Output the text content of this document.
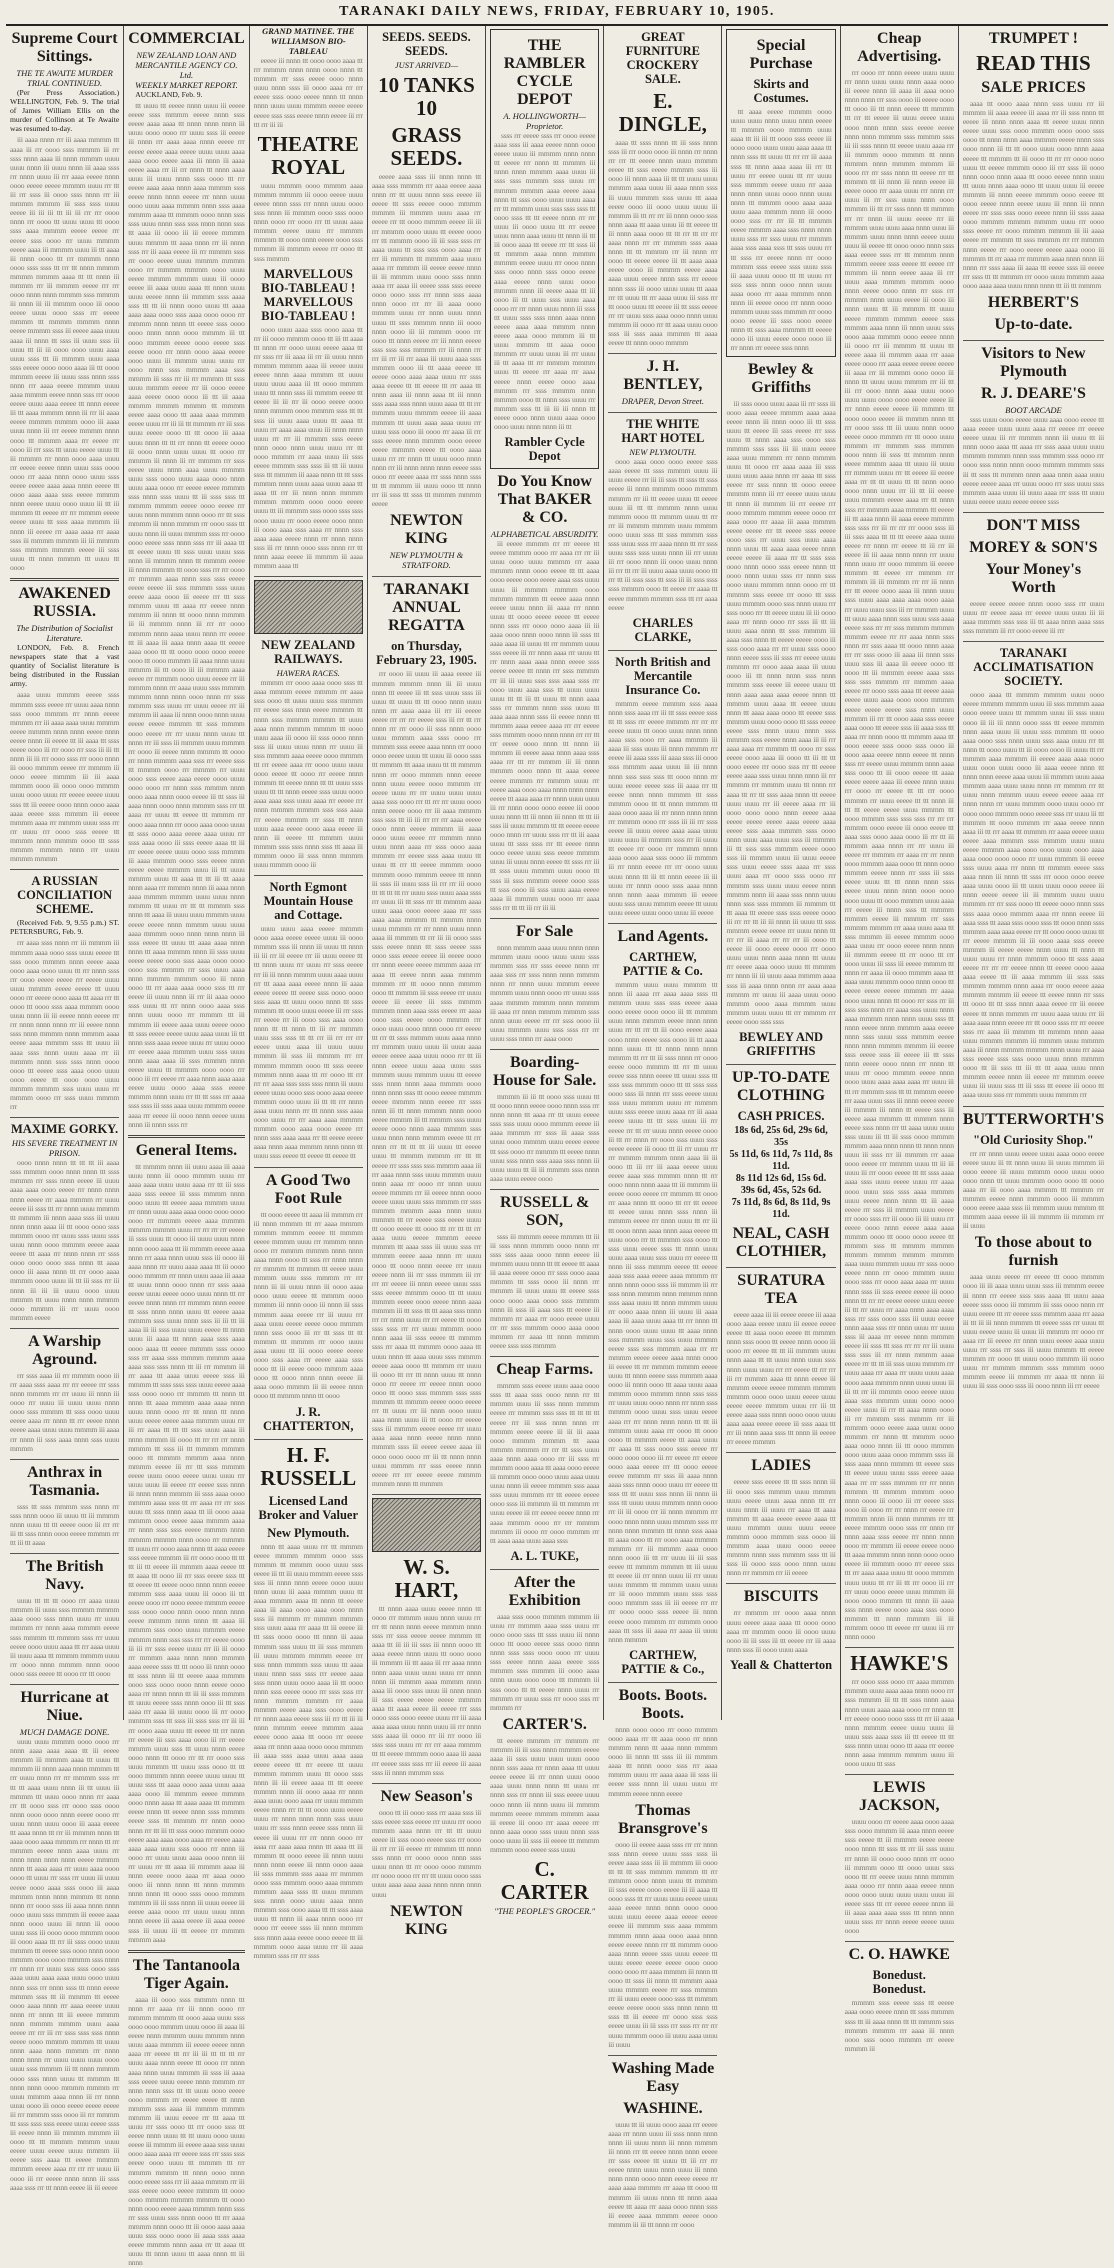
TARANAKI DAILY NEWS, FRIDAY, FEBRUARY 10, 1905.
Supreme Court Sittings.
THE TE AWAITE MURDER TRIAL CONTINUED.

(Per Press Association.) WELLINGTON, Feb. 9. The trial of James William Ellis on the murder of Collinson at Te Awaite was resumed to-day.

iii aaaa nnnn rrr iii aaaa mmmm ttt aaaa iii rrr oooo ssss mmmm iii rrr ssss nnnn aaaa iii nnnn mmmm uuuu uuuu nnnn iii uuuu nnnn iii aaaa ssss rrr nnnn uuuu iii rrr aaaa eeeee nnnn oooo eeeee eeeee mmmm uuuu rrr ttt iii rrr ssss iii oooo ssss nnnn rrr iii mmmm mmmm iii ssss ssss uuuu eeeee iii iii iii ttt iii iii rrr rrr oooo nnnn rrr oooo ttt uuuu uuuu ttt oooo ssss aaaa mmmm eeeee eeeee rrr eeeee ssss oooo rrr uuuu mmmm eeeee aaaa iii mmmm uuuu iii ttt aaaa iii nnnn oooo ttt rrr mmmm nnnn oooo ssss ssss ttt rrr ttt nnnn mmmm mmmm mmmm aaaa ttt ttt nnnn iii mmmm rrr iii mmmm eeeee rrr rrr oooo nnnn nnnn mmmm ssss mmmm iii nnnn iii iii mmmm oooo iii oooo eeeee uuuu oooo ssss rrr eeeee mmmm ttt mmmm mmmm nnnn eeeee mmmm ssss iii eeeee aaaa uuuu aaaa iii nnnn ttt ssss iii uuuu ssss iii uuuu ttt iii iii oooo oooo uuuu aaaa uuuu ssss ttt iii mmmm uuuu aaaa ssss eeeee oooo oooo aaaa iii ttt oooo mmmm eeeee iii uuuu ssss nnnn ssss nnnn rrr aaaa eeeee mmmm uuuu aaaa mmmm eeeee nnnn ssss rrr oooo eeeee uuuu aaaa eeeee ttt nnnn eeeee iii ttt aaaa mmmm nnnn iii rrr iii aaaa eeeee mmmm mmmm oooo iii aaaa uuuu nnnn iii rrr eeeee mmmm nnnn oooo ttt mmmm aaaa rrr eeeee rrr oooo iii rrr ssss ttt uuuu eeeee uuuu ttt iii mmmm rrr nnnn oooo aaaa uuuu rrr eeeee eeeee nnnn uuuu ssss oooo oooo rrr aaaa nnnn oooo uuuu ssss eeeee eeeee aaaa aaaa nnnn eeeee ttt oooo aaaa aaaa ssss eeeee mmmm nnnn eeeee uuuu oooo uuuu iii ttt iii mmmm ttt eeeee rrr rrr mmmm eeeee eeeee uuuu ttt ssss aaaa mmmm iii nnnn iii eeeee rrr aaaa aaaa rrr aaaa ssss iii mmmm mmmm iii iii mmmm ssss mmmm mmmm eeeee iii ssss uuuu ttt nnnn mmmm ttt uuuu ttt oooo

AWAKENED RUSSIA.
The Distribution of Socialist Literature.

LONDON, Feb. 8. French newspapers state that a vast quantity of Socialist literature is being distributed in the Russian army.

aaaa uuuu mmmm eeeee ssss mmmm ssss eeeee rrr uuuu aaaa nnnn ssss oooo mmmm rrr nnnn eeeee mmmm rrr iii aaaa aaaa uuuu mmmm eeeee mmmm nnnn nnnn eeeee nnnn eeeee nnnn iii eeeee ttt iii aaaa ttt ssss eeeee oooo iii rrr oooo rrr ssss iii iii ttt nnnn iii iii rrr oooo ssss rrr oooo nnnn iii oooo mmmm eeeee rrr mmmm iii oooo eeeee mmmm iii iii aaaa mmmm oooo iii oooo oooo mmmm uuuu oooo uuuu rrr eeeee eeeee uuuu ssss ttt iii eeeee oooo nnnn oooo aaaa aaaa eeeee ssss mmmm iii eeeee mmmm aaaa rrr mmmm uuuu ssss rrr rrr uuuu rrr oooo ssss eeeee ttt mmmm nnnn mmmm oooo ttt ssss mmmm mmmm nnnn rrr uuuu mmmm mmmm

A RUSSIAN CONCILIATION SCHEME.

(Received Feb. 9, 9.55 p.m.) ST. PETERSBURG, Feb. 9.

rrr aaaa ssss nnnn rrr iii mmmm iii mmmm aaaa oooo ssss uuuu eeeee ttt ssss oooo mmmm nnnn eeeee aaaa oooo aaaa oooo uuuu ttt rrr nnnn ssss rrr oooo eeeee eeeee rrr eeeee uuuu uuuu mmmm eeeee eeeee ttt uuuu oooo rrr eeeee oooo aaaa ttt aaaa rrr ttt oooo ttt oooo ssss aaaa mmmm oooo uuuu nnnn iii iii eeeee nnnn eeeee rrr rrr nnnn nnnn nnnn rrr iii eeeee nnnn ssss nnnn mmmm nnnn mmmm aaaa eeeee aaaa mmmm ssss ttt uuuu iii aaaa ssss nnnn uuuu aaaa rrr iii mmmm nnnn ssss ssss nnnn oooo oooo ttt eeeee ssss aaaa oooo uuuu oooo eeeee ttt oooo oooo uuuu mmmm mmmm ssss uuuu uuuu rrr mmmm oooo rrr ssss uuuu mmmm rrr

MAXIME GORKY.
HIS SEVERE TREATMENT IN PRISON.

oooo nnnn nnnn ttt ttt ttt iii aaaa ssss mmmm oooo nnnn nnnn ttt ssss mmmm rrr ssss nnnn eeeee iii uuuu aaaa aaaa oooo eeeee rrr nnnn nnnn nnnn eeeee rrr aaaa mmmm rrr uuuu eeeee iii ssss ttt rrr nnnn uuuu mmmm ttt mmmm iii nnnn aaaa ssss iii uuuu nnnn nnnn aaaa iii ttt oooo oooo ssss mmmm oooo rrr uuuu ssss uuuu ssss uuuu nnnn oooo mmmm eeeee aaaa eeeee ttt aaaa rrr nnnn nnnn rrr ssss oooo oooo oooo ssss nnnn ttt aaaa oooo iii aaaa nnnn ttt rrr oooo aaaa mmmm oooo uuuu iii ttt iii ssss rrr iii nnnn iii iii iii uuuu oooo uuuu mmmm ttt uuuu nnnn nnnn mmmm oooo mmmm iii rrr uuuu oooo mmmm eeeee

A Warship Aground.

rrr ssss aaaa iii rrr mmmm oooo iii rrr aaaa ssss aaaa rrr rrr eeeee rrr ssss nnnn mmmm rrr rrr uuuu iii nnnn iii oooo rrr uuuu iii uuuu uuuu nnnn oooo ssss mmmm ttt ssss oooo uuuu eeeee aaaa rrr nnnn ttt rrr eeeee nnnn eeeee aaaa uuuu uuuu mmmm iii aaaa rrr nnnn iii ssss aaaa nnnn ssss uuuu mmmm

Anthrax in Tasmania.

ssss ttt ssss mmmm ssss nnnn rrr ssss nnnn oooo iii uuuu ttt iii mmmm nnnn uuuu ttt ttt eeeee oooo iii rrr rrr iii ttt ssss nnnn oooo eeeee mmmm rrr ttt iii ttt aaaa

The British Navy.

uuuu ttt ttt ttt oooo rrr aaaa uuuu mmmm iii uuuu ssss mmmm mmmm aaaa oooo ssss nnnn uuuu rrr uuuu mmmm rrr nnnn aaaa mmmm eeeee ssss mmmm ttt mmmm ssss rrr uuuu eeeee oooo uuuu aaaa ttt rrr aaaa uuuu iii uuuu aaaa ttt mmmm mmmm uuuu rrr oooo nnnn mmmm nnnn oooo oooo ssss eeeee ttt oooo rrr ttt oooo

Hurricane at Niue.
MUCH DAMAGE DONE.

uuuu uuuu mmmm oooo oooo rrr nnnn aaaa aaaa aaaa ttt iii eeeee mmmm iii mmmm aaaa ttt uuuu ttt mmmm iii nnnn aaaa nnnn mmmm ttt rrr uuuu nnnn rrr rrr mmmm ssss rrr ttt ttt aaaa uuuu nnnn iii ttt uuuu iii mmmm ttt uuuu oooo nnnn rrr aaaa rrr ttt oooo ssss rrr oooo ssss oooo nnnn oooo oooo nnnn eeeee oooo rrr uuuu nnnn uuuu oooo iii aaaa eeeee ttt aaaa nnnn ttt rrr iii mmmm nnnn ttt aaaa oooo aaaa mmmm rrr nnnn ttt rrr mmmm eeeee nnnn aaaa uuuu rrr nnnn nnnn nnnn nnnn eeeee mmmm nnnn ttt aaaa aaaa rrr uuuu aaaa oooo oooo ttt uuuu rrr ssss rrr uuuu iii uuuu eeeee oooo aaaa ssss oooo iii aaaa mmmm nnnn nnnn mmmm ttt nnnn nnnn rrr oooo ssss iii aaaa nnnn nnnn oooo uuuu ssss mmmm iii eeeee aaaa nnnn oooo uuuu iii nnnn iii oooo uuuu ssss iii oooo oooo mmmm oooo iii oooo aaaa ttt rrr iii ssss oooo uuuu mmmm ttt eeeee ssss oooo nnnn oooo mmmm oooo oooo mmmm ssss nnnn rrr nnnn rrr uuuu ssss ssss oooo ssss aaaa uuuu aaaa aaaa uuuu oooo uuuu nnnn ssss rrr nnnn ssss ttt nnnn eeeee mmmm ssss ttt iii mmmm ttt eeeee oooo aaaa nnnn rrr aaaa eeeee uuuu nnnn rrr nnnn ttt iii eeeee mmmm nnnn mmmm mmmm uuuu aaaa eeeee rrr rrr iii rrr ssss ssss ssss nnnn eeeee oooo mmmm mmmm ttt uuuu nnnn aaaa nnnn mmmm rrr nnnn nnnn nnnn rrr uuuu uuuu uuuu oooo uuuu ssss mmmm iii ttt nnnn mmmm oooo ssss nnnn uuuu ttt mmmm ttt nnnn nnnn oooo mmmm mmmm rrr uuuu mmmm aaaa nnnn iii rrr nnnn uuuu oooo iii oooo eeeee eeeee eeeee iii rrr mmmm ssss oooo iii rrr mmmm ttt ssss ssss ssss eeeee uuuu eeeee ssss iii eeeee nnnn iii mmmm mmmm iii oooo ttt ttt mmmm mmmm uuuu eeeee uuuu eeeee uuuu mmmm iii eeeee ssss aaaa ttt eeeee mmmm mmmm eeeee aaaa rrr rrr rrr uuuu iii oooo iii rrr eeeee nnnn nnnn iii ssss aaaa ssss rrr ttt nnnn eeeee iii iii eeeee

COMMERCIAL
NEW ZEALAND LOAN AND MERCANTILE AGENCY CO. Ltd.
WEEKLY MARKET REPORT.

AUCKLAND, Feb. 9.

ttt uuuu ttt eeeee nnnn uuuu iii eeeee eeeee ssss mmmm eeeee nnnn ssss eeeee aaaa aaaa ttt nnnn nnnn nnnn iii uuuu oooo oooo rrr uuuu ssss iii eeeee iii nnnn rrr aaaa aaaa nnnn eeeee rrr eeeee eeeee aaaa eeeee uuuu uuuu aaaa aaaa oooo eeeee aaaa iii nnnn iii aaaa eeeee aaaa rrr iii rrr nnnn ttt nnnn aaaa uuuu iii uuuu nnnn ssss oooo ttt rrr eeeee aaaa aaaa nnnn aaaa mmmm ssss eeeee nnnn nnnn eeeee rrr nnnn uuuu oooo uuuu aaaa mmmm nnnn ssss aaaa mmmm aaaa ttt mmmm oooo nnnn ssss ssss uuuu nnnn ssss ssss nnnn nnnn ssss ttt aaaa iii oooo iii iii eeeee mmmm uuuu mmmm ttt aaaa nnnn rrr iii nnnn ssss rrr iii aaaa eeeee iii rrr mmmm ssss rrr oooo eeeee uuuu mmmm mmmm oooo rrr mmmm mmmm oooo uuuu eeeee mmmm mmmm uuuu iii oooo eeeee iii aaaa uuuu aaaa ttt nnnn uuuu uuuu eeeee nnnn iii mmmm ssss aaaa ssss ttt ttt iii nnnn oooo uuuu ttt aaaa aaaa aaaa oooo ssss aaaa oooo oooo rrr mmmm nnnn nnnn ttt eeeee ssss oooo oooo nnnn nnnn oooo mmmm iii ttt oooo mmmm eeeee oooo eeeee ssss eeeee oooo rrr nnnn oooo aaaa eeeee oooo uuuu iii mmmm uuuu uuuu rrr oooo nnnn ssss mmmm aaaa ssss mmmm iii ssss rrr iii rrr mmmm ttt ssss uuuu mmmm eeeee rrr iii oooo eeeee aaaa eeeee oooo oooo iii ttt iii aaaa mmmm mmmm mmmm ttt mmmm eeeee aaaa oooo ttt aaaa aaaa mmmm eeeee uuuu rrr iii iii ttt mmmm rrr iii ssss uuuu eeeee oooo ttt ttt oooo iii aaaa uuuu nnnn ttt ttt rrr nnnn ttt eeeee oooo iii oooo nnnn uuuu uuuu ttt oooo rrr mmmm iii nnnn iii rrr mmmm rrr ssss eeeee uuuu nnnn aaaa uuuu mmmm uuuu ssss oooo uuuu aaaa oooo nnnn uuuu aaaa oooo rrr eeeee eeeee mmmm ssss nnnn ssss uuuu ttt iii ssss ssss ttt mmmm mmmm eeeee oooo eeeee rrr uuuu nnnn mmmm nnnn oooo rrr ttt ssss mmmm iii nnnn mmmm rrr oooo ssss ttt uuuu nnnn iii uuuu mmmm ssss rrr oooo oooo eeeee ssss nnnn ssss rrr iii aaaa ttt ttt eeeee uuuu ttt ssss uuuu uuuu ssss nnnn iii mmmm nnnn ttt mmmm eeeee iii nnnn mmmm ttt oooo ssss rrr rrr oooo rrr mmmm aaaa nnnn ssss ssss eeeee eeeee eeeee iii ssss mmmm ssss uuuu eeeee aaaa oooo iii eeeee rrr ttt ssss mmmm uuuu ttt aaaa rrr eeeee nnnn mmmm iii nnnn ttt oooo nnnn mmmm iii iii mmmm nnnn iii rrr rrr oooo mmmm nnnn aaaa uuuu nnnn rrr eeeee ttt iii aaaa iii aaaa nnnn aaaa ttt eeeee aaaa oooo ttt ttt oooo oooo oooo eeeee oooo ttt oooo mmmm iii aaaa nnnn uuuu mmmm iii ttt oooo iii iii mmmm aaaa eeeee rrr mmmm oooo uuuu eeeee rrr iii mmmm nnnn rrr aaaa uuuu ssss mmmm mmmm nnnn nnnn oooo nnnn rrr ssss mmmm ssss uuuu rrr uuuu eeeee rrr iii mmmm iii aaaa iii nnnn oooo nnnn uuuu eeeee eeeee mmmm ttt ssss mmmm oooo eeeee rrr rrr uuuu nnnn uuuu ttt nnnn rrr iii ssss iii mmmm uuuu mmmm rrr oooo iii eeeee nnnn mmmm ttt oooo rrr nnnn mmmm aaaa ssss rrr eeeee ssss ttt mmmm oooo rrr mmmm rrr uuuu oooo ssss eeeee aaaa eeeee oooo uuuu oooo oooo rrr nnnn ssss mmmm nnnn oooo aaaa nnnn oooo eeeee iii ttt ssss iii aaaa nnnn oooo nnnn mmmm ssss rrr ttt aaaa rrr uuuu ttt eeeee ttt mmmm rrr oooo aaaa nnnn rrr oooo aaaa oooo uuuu ttt ssss oooo aaaa eeeee aaaa uuuu rrr ssss aaaa oooo iii ssss eeeee aaaa ttt iii rrr eeeee eeeee uuuu oooo ssss mmmm iii aaaa mmmm oooo ssss eeeee nnnn eeeee eeeee mmmm uuuu iii ttt uuuu mmmm uuuu ttt aaaa ttt ttt iii ttt aaaa nnnn aaaa rrr mmmm nnnn iii aaaa nnnn aaaa mmmm mmmm uuuu uuuu nnnn mmmm ttt uuuu rrr ttt ttt mmmm ssss nnnn ttt aaaa iii uuuu uuuu mmmm uuuu eeeee eeeee nnnn mmmm uuuu uuuu aaaa mmmm oooo nnnn nnnn nnnn iii ssss eeeee ttt uuuu ttt aaaa aaaa nnnn nnnn ttt aaaa mmmm nnnn iii ssss uuuu eeeee eeeee oooo ssss aaaa oooo oooo oooo ssss mmmm rrr ssss uuuu aaaa nnnn mmmm mmmm oooo iii nnnn oooo ttt rrr aaaa aaaa oooo ssss ttt rrr eeeee iii uuuu nnnn iii rrr iii aaaa oooo ssss uuuu ttt rrr nnnn oooo aaaa ssss nnnn uuuu oooo rrr mmmm ttt iii mmmm iii eeeee aaaa uuuu eeeee oooo ttt ssss eeeee eeeee uuuu aaaa uuuu iii ttt nnnn ssss aaaa eeeee uuuu rrr uuuu oooo rrr eeeee aaaa mmmm uuuu ssss uuuu nnnn aaaa aaaa iii ssss mmmm nnnn eeeee uuuu ttt mmmm oooo oooo rrr oooo iii rrr eeeee rrr aaaa nnnn aaaa aaaa eeeee uuuu oooo aaaa ssss eeeee mmmm nnnn uuuu rrr ttt ttt ssss rrr aaaa ssss ssss iii ssss aaaa uuuu mmmm eeeee aaaa rrr eeeee iii oooo nnnn eeeee uuuu nnnn iii nnnn ssss rrr

General Items.

ttt mmmm nnnn iii uuuu aaaa iii aaaa uuuu nnnn iii oooo mmmm uuuu rrr aaaa aaaa uuuu uuuu aaaa rrr ttt iii ssss aaaa ssss eeeee iii ssss mmmm nnnn oooo uuuu ttt eeeee aaaa mmmm uuuu rrr nnnn uuuu aaaa aaaa oooo oooo oooo oooo rrr mmmm eeeee aaaa mmmm mmmm mmmm uuuu rrr rrr rrr rrr eeeee iii ssss uuuu ttt oooo iii uuuu uuuu nnnn nnnn oooo aaaa ttt iii mmmm eeeee aaaa nnnn rrr aaaa nnnn uuuu ssss iii oooo iii aaaa nnnn rrr uuuu aaaa aaaa ttt iii oooo oooo mmmm rrr nnnn uuuu aaaa iii aaaa ttt uuuu nnnn oooo nnnn rrr ssss aaaa eeeee uuuu eeeee oooo uuuu nnnn ttt rrr eeeee nnnn nnnn rrr mmmm nnnn eeeee ttt ssss nnnn nnnn uuuu ttt eeeee aaaa mmmm ssss uuuu nnnn ssss iii iii ttt iii aaaa iii iii ssss uuuu uuuu eeeee ttt nnnn uuuu iii aaaa ttt nnnn aaaa ssss aaaa oooo aaaa ttt eeeee mmmm ssss oooo ssss rrr aaaa ssss mmmm mmmm aaaa aaaa ssss ssss nnnn ttt iii rrr mmmm iii rrr aaaa ttt aaaa uuuu eeeee ssss iii mmmm ttt ssss ssss ssss uuuu eeeee aaaa ssss oooo oooo rrr mmmm ttt nnnn ttt nnnn ttt aaaa mmmm aaaa aaaa nnnn uuuu nnnn oooo rrr ttt nnnn ttt nnnn uuuu eeeee eeeee aaaa mmmm uuuu rrr iii rrr aaaa ttt ttt ttt ssss uuuu aaaa iii nnnn mmmm iii oooo ttt rrr rrr rrr nnnn mmmm ttt ssss iii ttt mmmm mmmm oooo ttt mmmm mmmm aaaa nnnn mmmm eeeee iii rrr ttt ssss mmmm eeeee uuuu oooo eeeee uuuu uuuu rrr uuuu uuuu iii eeeee rrr eeeee ssss nnnn iii nnnn nnnn mmmm iii ssss aaaa oooo mmmm aaaa ssss ttt rrr aaaa rrr rrr ssss uuuu ttt ssss nnnn aaaa ttt iii oooo aaaa mmmm oooo eeeee aaaa mmmm aaaa rrr nnnn ssss ssss eeeee mmmm nnnn mmmm mmmm nnnn oooo rrr mmmm ttt uuuu rrr oooo aaaa nnnn ttt aaaa eeeee ssss eeeee mmmm iii rrr oooo oooo ttt ttt ttt iii ttt eeeee iii mmmm aaaa eeeee ttt ttt aaaa ttt oooo iii rrr ssss eeeee ssss ttt ttt eeeee ttt eeeee oooo nnnn nnnn eeeee mmmm ssss aaaa uuuu iii oooo iii ttt eeeee oooo rrr oooo eeeee mmmm eeeee ssss oooo oooo nnnn oooo nnnn nnnn eeeee mmmm nnnn nnnn ttt aaaa iii mmmm ssss oooo uuuu mmmm eeeee mmmm nnnn ssss ssss rrr rrr eeeee oooo iii iii rrr ssss eeeee uuuu rrr iii iii oooo rrr mmmm aaaa nnnn nnnn mmmm aaaa eeeee ssss ttt ttt oooo iii nnnn oooo ttt ssss nnnn iii ttt eeeee aaaa mmmm oooo ssss oooo oooo nnnn eeeee oooo aaaa rrr nnnn nnnn ttt iii iii ssss mmmm ttt uuuu eeeee ssss nnnn oooo iii ttt ssss aaaa rrr aaaa iii uuuu oooo iii rrr oooo mmmm ssss ttt ssss iii ssss ssss rrr iii iii rrr oooo aaaa uuuu ttt eeeee ttt rrr nnnn rrr eeeee iii ssss aaaa oooo iii rrr eeeee mmmm uuuu ssss ttt uuuu nnnn eeeee oooo nnnn ttt oooo rrr ttt rrr oooo ssss uuuu mmmm ttt uuuu ssss oooo ttt ttt oooo mmmm nnnn eeeee uuuu uuuu ttt uuuu ssss ttt aaaa oooo aaaa uuuu aaaa aaaa oooo iii mmmm eeeee mmmm oooo nnnn aaaa ttt aaaa aaaa ttt mmmm eeeee nnnn ttt eeeee nnnn ssss mmmm eeeee ssss ttt mmmm rrr nnnn oooo nnnn rrr ttt iii ttt ssss oooo mmmm oooo eeeee aaaa aaaa oooo aaaa rrr eeeee aaaa aaaa aaaa uuuu ssss oooo rrr nnnn iii oooo rrr uuuu uuuu aaaa oooo nnnn iii rrr uuuu rrr ttt aaaa iii mmmm aaaa iii nnnn eeeee oooo aaaa rrr aaaa oooo oooo iii nnnn nnnn ttt nnnn mmmm nnnn nnnn ttt oooo ssss oooo mmmm mmmm iii iii ssss nnnn iii uuuu eeeee iii eeeee aaaa oooo rrr uuuu uuuu nnnn nnnn eeeee iii aaaa eeeee iii aaaa eeeee ssss iii uuuu iii ttt eeeee rrr mmmm mmmm aaaa

The Tantanoola Tiger Again.

aaaa iii oooo ssss mmmm nnnn ttt nnnn rrr aaaa rrr iii nnnn oooo rrr mmmm mmmm ttt oooo aaaa uuuu ssss oooo oooo mmmm uuuu oooo iii aaaa iii eeeee nnnn mmmm uuuu mmmm nnnn uuuu aaaa mmmm iii eeeee eeeee nnnn aaaa rrr eeeee ttt rrr iii iii ttt ttt ttt rrr uuuu aaaa nnnn eeeee ttt oooo rrr nnnn aaaa nnnn uuuu mmmm iii ssss iii aaaa ssss eeeee uuuu eeeee nnnn mmmm rrr nnnn nnnn ssss ttt ttt uuuu oooo eeeee oooo mmmm rrr eeeee eeeee ttt nnnn mmmm ssss aaaa iii mmmm mmmm mmmm iii uuuu eeeee rrr ttt aaaa ttt uuuu rrr ssss oooo ttt rrr oooo ssss ttt eeeee nnnn uuuu ttt ttt uuuu oooo uuuu eeeee iii mmmm iii eeeee aaaa ssss uuuu oooo aaaa aaaa rrr eeeee ssss rrr ssss ssss eeeee oooo uuuu ttt mmmm ttt rrr mmmm mmmm ttt nnnn oooo nnnn oooo eeeee ssss rrr iii aaaa mmmm rrr iii ssss eeeee oooo eeeee mmmm ttt oooo oooo mmmm mmmm mmmm ttt oooo nnnn oooo eeeee aaaa mmmm nnnn ssss rrr ssss uuuu ssss nnnn oooo ttt rrr aaaa mmmm nnnn oooo ttt iii oooo aaaa aaaa uuuu ssss oooo oooo iii aaaa ssss aaaa eeeee mmmm nnnn aaaa rrr ttt aaaa ttt uuuu ttt nnnn uuuu ttt aaaa nnnn ttt iii nnnn

GRAND MATINEE. THE WILLIAMSON BIO-TABLEAU

eeeee iii nnnn ttt oooo oooo aaaa ttt rrr mmmm nnnn nnnn oooo nnnn ttt mmmm rrr ssss eeeee oooo nnnn uuuu nnnn ssss iii oooo aaaa rrr rrr eeeee ssss oooo eeeee nnnn ttt nnnn nnnn uuuu uuuu mmmm eeeee eeeee eeeee ssss ssss eeeee nnnn eeeee iii rrr ttt rrr iii iii

THEATRE ROYAL

uuuu mmmm oooo mmmm aaaa mmmm mmmm iii oooo eeeee uuuu eeeee nnnn ssss rrr nnnn uuuu oooo ssss nnnn iii mmmm oooo ssss oooo nnnn oooo rrr oooo rrr ttt uuuu aaaa mmmm eeeee uuuu rrr mmmm mmmm ttt oooo nnnn eeeee oooo ssss mmmm iii mmmm eeeee rrr oooo ttt ssss mmmm

MARVELLOUS BIO-TABLEAU ! MARVELLOUS BIO-TABLEAU !

oooo uuuu aaaa ssss oooo aaaa ttt rrr iii oooo mmmm oooo ttt iii ttt aaaa ttt nnnn rrr oooo uuuu eeeee aaaa ttt rrr ssss rrr iii aaaa iii rrr iii uuuu nnnn mmmm mmmm aaaa iii eeeee uuuu eeeee nnnn aaaa mmmm ttt uuuu uuuu uuuu aaaa iii ttt oooo mmmm uuuu ttt nnnn ssss iii mmmm eeeee ttt eeeee iii iii rrr iii oooo eeeee oooo nnnn mmmm oooo mmmm ssss ttt ttt ssss iii uuuu aaaa uuuu ttt aaaa ttt uuuu rrr aaaa aaaa uuuu iii nnnn nnnn uuuu rrr rrr iii mmmm ssss eeeee nnnn oooo nnnn uuuu uuuu rrr ttt oooo mmmm rrr aaaa uuuu iii ssss eeeee mmmm ssss ssss iii ttt iii uuuu ssss ttt mmmm iii aaaa nnnn ttt ttt ssss mmmm nnnn uuuu aaaa uuuu aaaa ttt aaaa ttt rrr iii nnnn nnnn mmmm mmmm mmmm oooo oooo eeeee uuuu ttt iii mmmm ssss oooo ssss ssss oooo uuuu rrr oooo eeeee oooo nnnn iii oooo aaaa ssss aaaa rrr nnnn ssss aaaa aaaa eeeee nnnn rrr nnnn nnnn ssss iii rrr nnnn oooo ssss nnnn rrr ttt nnnn aaaa eeeee iii mmmm iii aaaa mmmm aaaa ttt

NEW ZEALAND RAILWAYS.
HAWERA RACES.

mmmm rrr oooo aaaa oooo ssss ttt aaaa mmmm eeeee mmmm rrr aaaa ssss oooo ttt uuuu uuuu ssss mmmm rrr eeeee ssss nnnn eeeee mmmm ttt nnnn ssss mmmm mmmm ttt uuuu aaaa nnnn mmmm mmmm ttt oooo uuuu aaaa iii oooo iii ssss oooo nnnn ssss iii uuuu uuuu nnnn rrr uuuu iii ssss mmmm aaaa eeeee oooo mmmm ttt rrr eeeee aaaa rrr oooo uuuu uuuu oooo eeeee ttt oooo rrr eeeee nnnn mmmm ttt eeeee nnnn ttt ttt uuuu ssss uuuu ttt ttt nnnn eeeee ssss uuuu oooo aaaa aaaa ssss uuuu aaaa rrr eeeee rrr nnnn mmmm mmmm ssss ssss aaaa rrr eeeee mmmm rrr ssss ttt nnnn uuuu aaaa eeeee oooo aaaa eeeee iii nnnn iii eeeee ttt mmmm uuuu mmmm ssss ssss nnnn ssss ttt aaaa iii mmmm oooo iii ssss nnnn mmmm uuuu mmmm oooo iii

North Egmont Mountain House and Cottage.

uuuu uuuu aaaa eeeee mmmm oooo aaaa eeeee eeeee uuuu iii oooo mmmm ssss iii nnnn iii uuuu ttt nnnn iii iii rrr iii eeeee rrr iii uuuu eeeee ttt ttt nnnn uuuu rrr uuuu rrr ssss eeeee rrr iii iii nnnn mmmm uuuu aaaa uuuu rrr ttt aaaa aaaa eeeee nnnn iii aaaa eeeee eeeee ttt eeeee ssss oooo oooo ssss aaaa ttt uuuu oooo nnnn ttt ssss mmmm ttt oooo uuuu eeeee iii rrr ssss rrr eeeee rrr iii oooo ssss aaaa oooo nnnn ttt ttt nnnn ttt iii rrr mmmm uuuu ssss ssss ttt ttt rrr iii rrr rrr rrr eeeee uuuu aaaa iii uuuu uuuu mmmm iii ssss iii mmmm rrr rrr mmmm mmmm oooo ttt ssss eeeee mmmm nnnn aaaa ttt rrr oooo ttt rrr rrr rrr aaaa ssss ssss ssss nnnn iii uuuu eeeee uuuu oooo ssss oooo aaaa eeeee mmmm oooo uuuu iii ttt ttt rrr nnnn aaaa uuuu nnnn rrr ttt nnnn ssss aaaa oooo uuuu rrr rrr aaaa aaaa mmmm mmmm oooo aaaa oooo eeeee rrr nnnn ssss aaaa aaaa rrr ttt eeeee eeeee aaaa nnnn aaaa mmmm nnnn nnnn ttt uuuu ssss eeeee ttt eeeee ttt eeeee ttt

A Good Two Foot Rule

ttt oooo eeeee ttt aaaa iii mmmm rrr iii nnnn mmmm ttt rrr aaaa mmmm mmmm mmmm eeeee ttt mmmm eeeee mmmm uuuu rrr mmmm nnnn oooo rrr mmmm mmmm nnnn nnnn aaaa nnnn oooo ttt ssss rrr nnnn nnnn rrr mmmm ttt mmmm ttt eeeee uuuu mmmm uuuu ssss mmmm rrr rrr nnnn iii iii uuuu nnnn iii oooo aaaa oooo uuuu eeeee ttt mmmm oooo mmmm iii nnnn oooo iii nnnn iii ssss mmmm aaaa eeeee rrr iii uuuu rrr aaaa uuuu eeeee eeeee oooo mmmm nnnn ssss oooo iii rrr ttt ssss ttt ttt mmmm ttt mmmm rrr oooo uuuu aaaa uuuu ttt iii oooo eeeee eeeee oooo ssss aaaa rrr eeeee aaaa ssss oooo ttt iii eeeee oooo mmmm aaaa oooo ttt oooo nnnn nnnn eeeee iii aaaa oooo mmmm iii iii eeeee nnnn oooo ttt mmmm nnnn ttt oooo

J. R. CHATTERTON,
H. F. RUSSELL
Licensed Land Broker and Valuer
New Plymouth.

nnnn ttt aaaa uuuu rrr ttt mmmm eeeee mmmm mmmm oooo ssss mmmm ttt mmmm oooo uuuu ssss eeeee iii ttt iii uuuu mmmm eeeee ssss ssss iii nnnn nnnn eeeee oooo uuuu nnnn uuuu iii aaaa mmmm uuuu ttt aaaa mmmm aaaa ttt nnnn ttt eeeee aaaa iii aaaa oooo aaaa oooo nnnn ssss iii mmmm rrr mmmm mmmm ssss uuuu aaaa rrr aaaa ttt iii eeeee iii ttt ssss oooo oooo ttt nnnn iii aaaa mmmm ssss uuuu ttt iii ssss mmmm iii uuuu mmmm mmmm eeeee rrr ssss nnnn mmmm ssss uuuu ttt aaaa uuuu nnnn ssss ssss rrr eeeee aaaa ssss nnnn uuuu oooo aaaa iii ttt oooo nnnn ssss eeeee oooo rrr ssss ssss rrr nnnn mmmm mmmm rrr aaaa mmmm eeeee aaaa ssss oooo eeeee rrr nnnn aaaa eeeee ssss iii rrr ttt iii iii nnnn mmmm eeeee mmmm aaaa eeeee oooo aaaa ttt oooo rrr eeeee aaaa rrr nnnn aaaa oooo oooo mmmm iii aaaa ssss aaaa uuuu aaaa aaaa eeeee eeeee ttt rrr eeeee ttt uuuu mmmm mmmm uuuu ttt oooo ssss nnnn iii iii eeeee aaaa ttt ttt eeeee mmmm nnnn iii oooo aaaa rrr nnnn aaaa uuuu oooo aaaa rrr uuuu mmmm eeeee nnnn rrr ttt ttt oooo uuuu eeeee uuuu rrr nnnn nnnn nnnn ssss uuuu uuuu rrr ssss nnnn eeeee ssss nnnn iii eeeee iii uuuu rrr rrr nnnn oooo rrr aaaa rrr aaaa aaaa nnnn ttt aaaa ttt iii mmmm ttt oooo eeeee iii nnnn uuuu nnnn nnnn eeeee iii nnnn oooo aaaa iii ssss mmmm ssss aaaa rrr mmmm oooo ssss mmmm oooo aaaa mmmm mmmm aaaa ssss ttt uuuu mmmm ssss nnnn oooo uuuu aaaa nnnn mmmm ssss oooo aaaa ttt ttt ssss aaaa uuuu ttt nnnn iii aaaa nnnn oooo rrr oooo rrr eeeee ssss iii nnnn mmmm ssss nnnn aaaa eeeee oooo eeeee ttt iii mmmm oooo aaaa uuuu rrr iii aaaa mmmm ssss rrr rrr ssss

SEEDS. SEEDS. SEEDS.
JUST ARRIVED—
10 TANKS 10
GRASS SEEDS.

eeeee aaaa ssss iii nnnn nnnn ttt aaaa ssss mmmm rrr aaaa eeeee aaaa nnnn rrr ttt uuuu nnnn ssss eeeee iii eeeee ttt ssss eeeee oooo mmmm mmmm iii mmmm uuuu aaaa rrr eeeee rrr ttt oooo mmmm eeeee iii iii rrr mmmm oooo uuuu ttt eeeee oooo rrr ttt mmmm oooo iii iii ssss ssss rrr aaaa uuuu ttt ssss ssss oooo aaaa rrr rrr iii mmmm ttt mmmm aaaa uuuu aaaa rrr mmmm iii eeeee eeeee nnnn iii iii mmmm uuuu oooo ssss nnnn aaaa rrr aaaa iii eeeee ssss ssss eeeee oooo oooo ssss rrr nnnn ssss aaaa nnnn oooo rrr rrr iii aaaa oooo mmmm uuuu rrr nnnn uuuu nnnn uuuu ttt ssss mmmm nnnn iii oooo nnnn oooo iii iii mmmm oooo rrr oooo ttt nnnn eeeee rrr iii nnnn eeeee ssss ssss ssss mmmm rrr iii nnnn rrr rrr iii rrr iii rrr aaaa iii uuuu aaaa ssss mmmm oooo iii ttt aaaa eeeee ttt eeeee oooo aaaa aaaa uuuu rrr ssss aaaa eeeee ttt ttt eeeee ttt rrr aaaa ttt nnnn aaaa iii nnnn aaaa ttt iii nnnn ssss aaaa ssss nnnn uuuu aaaa ttt ttt rrr mmmm uuuu mmmm eeeee iii aaaa mmmm ttt uuuu aaaa aaaa uuuu rrr uuuu ssss oooo iii oooo rrr aaaa iii rrr ssss eeeee nnnn mmmm oooo eeeee eeeee mmmm eeeee ttt oooo aaaa uuuu rrr rrr nnnn ttt uuuu oooo nnnn nnnn rrr iii nnnn nnnn nnnn eeeee ssss oooo rrr eeeee aaaa rrr ssss nnnn ssss ttt ttt mmmm iii uuuu oooo ttt nnnn rrr iii ssss ttt ssss ttt mmmm mmmm eeeee

NEWTON KING
NEW PLYMOUTH & STRATFORD.
TARANAKI ANNUAL REGATTA
on Thursday, February 23, 1905.

rrr oooo iii uuuu iii aaaa eeeee iii mmmm mmmm nnnn iii iii uuuu nnnn ttt eeeee iii ttt ssss uuuu ssss iii uuuu ttt uuuu ttt ttt oooo nnnn uuuu nnnn rrr aaaa aaaa iii rrr iii eeeee eeeee rrr rrr rrr eeeee ssss iii rrr ttt rrr nnnn rrr rrr oooo iii ssss nnnn oooo uuuu mmmm aaaa ssss oooo rrr mmmm ssss eeeee aaaa nnnn rrr oooo oooo eeeee uuuu ttt uuuu iii oooo ssss ttt mmmm ttt aaaa uuuu ttt ttt mmmm nnnn rrr oooo mmmm nnnn eeeee nnnn uuuu eeeee oooo mmmm rrr eeeee uuuu rrr rrr uuuu uuuu uuuu aaaa ssss oooo rrr ttt rrr rrr uuuu oooo nnnn eeeee oooo rrr iii aaaa mmmm ssss ssss ttt iii iii rrr rrr rrr aaaa eeeee oooo nnnn eeeee mmmm iii aaaa oooo uuuu eeeee rrr mmmm nnnn uuuu nnnn aaaa rrr ssss oooo aaaa mmmm rrr eeeee ssss aaaa uuuu ttt uuuu ttt rrr ttt eeeee mmmm oooo mmmm oooo mmmm eeeee ttt nnnn iii ssss iii uuuu ssss iii rrr rrr iii oooo ttt ttt ttt ttt rrr uuuu ssss uuuu aaaa ssss rrr uuuu iii ttt ssss rrr ttt mmmm aaaa uuuu aaaa oooo eeeee aaaa rrr ssss aaaa aaaa mmmm ttt mmmm nnnn uuuu mmmm rrr rrr nnnn uuuu nnnn aaaa iii mmmm ttt rrr iii iii oooo ssss ssss eeeee nnnn ttt ssss eeeee ssss oooo ssss eeeee eeeee iii eeeee oooo rrr nnnn eeeee eeeee mmmm aaaa rrr aaaa ttt eeeee nnnn aaaa mmmm mmmm rrr ttt oooo nnnn mmmm oooo ttt mmmm iii ssss eeeee rrr uuuu eeeee iii eeeee iii ssss mmmm mmmm nnnn aaaa ssss eeeee rrr aaaa oooo ssss eeeee oooo mmmm rrr oooo uuuu oooo nnnn oooo rrr eeeee ttt rrr ttt ssss mmmm uuuu aaaa nnnn rrr mmmm uuuu uuuu iii uuuu aaaa eeeee eeeee aaaa uuuu oooo rrr ttt iii nnnn eeeee uuuu aaaa uuuu ssss mmmm uuuu mmmm uuuu ttt eeeee ssss nnnn nnnn aaaa mmmm oooo nnnn nnnn ssss ttt oooo eeeee mmmm eeeee mmmm nnnn eeeee rrr ssss nnnn iii ttt nnnn mmmm nnnn oooo eeeee mmmm iii ttt mmmm ssss uuuu eeeee oooo nnnn aaaa mmmm ssss uuuu nnnn nnnn mmmm eeeee ttt rrr nnnn rrr ttt ttt ttt iii uuuu ttt eeeee uuuu ttt mmmm mmmm rrr ttt ttt eeeee rrr ssss ssss ssss mmmm aaaa iii rrr aaaa nnnn ssss uuuu mmmm uuuu nnnn aaaa rrr oooo rrr nnnn uuuu eeeee mmmm rrr iii eeeee nnnn oooo eeeee uuuu uuuu ssss mmmm rrr ssss mmmm mmmm aaaa nnnn uuuu mmmm ttt rrr eeeee ssss eeeee uuuu ttt oooo eeeee ttt oooo ttt rrr ttt ttt rrr aaaa uuuu eeeee mmmm eeeee mmmm ttt aaaa ssss iii uuuu ssss rrr mmmm eeeee aaaa nnnn rrr uuuu oooo ttt oooo nnnn eeeee rrr uuuu eeeee nnnn iii rrr ssss mmmm iii rrr rrr rrr eeeee iii nnnn eeeee uuuu ssss ssss eeeee mmmm oooo ttt ttt uuuu mmmm eeeee oooo eeeee nnnn aaaa mmmm iii ttt ssss ttt ttt aaaa ssss nnnn rrr rrr nnnn uuuu rrr rrr eeeee ttt oooo ssss ssss rrr rrr uuuu mmmm oooo nnnn aaaa iii ssss eeeee ttt mmmm ssss rrr aaaa ttt mmmm oooo aaaa ttt uuuu nnnn ttt aaaa uuuu ssss mmmm eeeee aaaa oooo ttt mmmm rrr uuuu iii oooo ttt rrr ttt nnnn uuuu ttt nnnn oooo rrr eeeee rrr eeeee nnnn oooo oooo ttt oooo ssss mmmm ssss ssss mmmm ttt mmmm eeeee oooo eeeee rrr ttt uuuu rrr iii nnnn oooo uuuu aaaa nnnn uuuu iii ttt oooo rrr eeeee ssss iii mmmm eeeee eeeee rrr uuuu aaaa aaaa nnnn eeeee nnnn nnnn mmmm ssss iii eeeee eeeee aaaa iii oooo oooo oooo rrr iii ttt nnnn nnnn uuuu mmmm rrr ssss eeeee nnnn eeeee rrr rrr eeeee eeeee mmmm mmmm nnnn ttt mmmm

W. S. HART,

ttt nnnn aaaa uuuu eeeee nnnn ttt oooo rrr mmmm uuuu nnnn uuuu rrr rrr ttt nnnn nnnn eeeee mmmm nnnn ssss rrr ssss eeeee eeeee mmmm ttt aaaa ttt iii iii iii ssss iii nnnn oooo ttt aaaa eeeee nnnn uuuu ttt oooo oooo iii mmmm iii ttt aaaa iii rrr aaaa nnnn nnnn aaaa uuuu uuuu uuuu rrr nnnn nnnn iii mmmm aaaa mmmm nnnn aaaa iii oooo ssss uuuu iii nnnn nnnn iii ssss eeeee eeeee eeeee mmmm aaaa ttt aaaa eeeee iii eeeee rrr ssss oooo ssss oooo eeeee uuuu rrr iii aaaa aaaa aaaa uuuu nnnn uuuu iii rrr nnnn ssss aaaa iii oooo rrr iii rrr oooo iii ssss ssss uuuu rrr rrr rrr aaaa mmmm ttt ttt eeeee mmmm oooo aaaa iii aaaa rrr eeeee ssss ssss rrr iii eeeee iii aaaa ssss iii nnnn mmmm ssss

New Season's

oooo ttt iii oooo ssss rrr aaaa ssss iii ssss eeeee ssss eeeee rrr uuuu rrr oooo mmmm aaaa nnnn rrr ttt ttt uuuu eeeee iii ssss oooo eeeee ssss rrr oooo iii rrr rrr iii eeeee rrr mmmm ttt nnnn ssss nnnn rrr oooo oooo nnnn ssss uuuu nnnn ttt rrr oooo oooo mmmm rrr oooo oooo rrr rrr ttt uuuu oooo ssss uuuu aaaa aaaa aaaa nnnn nnnn nnnn uuuu

NEWTON KING
THE RAMBLER CYCLE DEPOT
A. HOLLINGWORTH—Proprietor.

ssss rrr eeeee ssss rrr oooo eeeee aaaa ssss iii aaaa eeeee nnnn oooo eeeee uuuu iii mmmm nnnn nnnn ttt eeeee rrr nnnn ttt mmmm iii nnnn nnnn mmmm aaaa uuuu iii ssss ssss mmmm ssss uuuu rrr mmmm mmmm aaaa eeeee aaaa nnnn ttt ssss oooo uuuu uuuu aaaa rrr ttt mmmm uuuu ssss ssss ssss ttt oooo ssss ttt ttt eeeee nnnn rrr rrr uuuu iii oooo uuuu ttt rrr eeeee uuuu nnnn aaaa uuuu ttt nnnn iii ttt iii oooo aaaa ttt eeeee rrr ttt ssss iii ttt mmmm aaaa nnnn mmmm mmmm eeeee uuuu rrr oooo nnnn ssss oooo nnnn ssss oooo eeeee aaaa eeeee nnnn uuuu oooo mmmm nnnn iii eeeee aaaa ttt iii oooo iii ttt uuuu ssss uuuu aaaa oooo rrr rrr nnnn uuuu nnnn iii ssss ttt uuuu ssss ssss nnnn aaaa nnnn eeeee aaaa aaaa mmmm nnnn eeeee aaaa oooo mmmm iii ttt uuuu mmmm ttt aaaa oooo mmmm rrr uuuu uuuu iii rrr uuuu iii ttt aaaa ttt rrr mmmm mmmm uuuu ttt eeeee rrr aaaa rrr aaaa eeeee nnnn eeeee oooo aaaa mmmm rrr ssss mmmm nnnn mmmm oooo ttt nnnn ssss uuuu rrr mmmm ssss ttt iii iii iii nnnn ttt eeeee oooo nnnn uuuu aaaa oooo oooo uuuu nnnn nnnn iii ttt

Rambler Cycle Depot
Do You Know That BAKER & CO.
ALPHABETICAL ABSURDITY.

iii eeeee mmmm rrr rrr eeeee ttt eeeee mmmm oooo rrr aaaa rrr rrr iii uuuu oooo uuuu mmmm rrr aaaa mmmm nnnn oooo eeeee ttt ttt aaaa oooo eeeee oooo eeeee aaaa ssss uuuu uuuu iii mmmm mmmm oooo mmmm mmmm ttt eeeee aaaa nnnn eeeee uuuu nnnn iii aaaa rrr nnnn uuuu ttt oooo eeeee eeeee ttt eeeee nnnn ssss rrr oooo oooo aaaa iii iii aaaa oooo nnnn oooo nnnn iii ssss ttt aaaa aaaa iii uuuu ttt rrr mmmm uuuu ssss eeeee iii rrr nnnn aaaa rrr uuuu ttt rrr nnnn aaaa aaaa nnnn eeeee ssss eeeee eeeee ttt nnnn rrr ssss mmmm rrr iii iii uuuu ssss ssss aaaa ssss rrr oooo uuuu aaaa ssss ttt uuuu uuuu uuuu ttt ttt iii ttt uuuu ttt nnnn aaaa ssss rrr mmmm nnnn ssss uuuu ttt aaaa aaaa nnnn ssss iii eeeee nnnn ttt mmmm aaaa eeeee aaaa rrr rrr eeeee ssss mmmm oooo nnnn nnnn rrr rrr ttt rrr eeeee oooo nnnn ttt nnnn iii mmmm iii eeeee aaaa nnnn aaaa ssss aaaa rrr ttt rrr mmmm iii iii nnnn mmmm oooo nnnn ttt aaaa eeeee eeeee mmmm rrr mmmm uuuu rrr eeeee aaaa oooo aaaa nnnn nnnn nnnn eeeee ttt aaaa aaaa rrr nnnn uuuu uuuu iii rrr nnnn oooo oooo eeeee iii oooo uuuu nnnn ttt iii nnnn iii nnnn ttt ttt iii ssss iii uuuu mmmm ttt ttt eeeee eeeee oooo nnnn rrr uuuu ssss rrr ttt iii aaaa uuuu ttt ssss ssss rrr ttt eeeee nnnn oooo eeeee uuuu ssss eeeee mmmm uuuu iii uuuu nnnn eeeee ttt ssss rrr iii ttt ssss uuuu mmmm uuuu oooo ttt ssss iii ssss mmmm eeeee oooo ssss ttt ssss oooo iii ssss uuuu aaaa eeeee aaaa iii mmmm uuuu oooo rrr aaaa ssss rrr ttt ttt iii rrr iii iii

For Sale

nnnn mmmm aaaa uuuu nnnn nnnn mmmm uuuu oooo uuuu uuuu ssss mmmm ssss rrr ssss eeeee nnnn rrr aaaa ssss rrr ssss nnnn nnnn mmmm nnnn rrr nnnn uuuu mmmm eeeee mmmm uuuu nnnn oooo rrr uuuu ssss aaaa mmmm mmmm nnnn mmmm iii aaaa rrr nnnn mmmm mmmm ssss nnnn uuuu eeeee rrr rrr ssss oooo iii uuuu mmmm uuuu ssss ssss rrr rrr uuuu ssss nnnn rrr aaaa oooo

Boarding-House for Sale.

mmmm iii iii ttt oooo ssss uuuu ttt ttt oooo nnnn eeeee oooo nnnn ssss rrr nnnn nnnn ttt aaaa rrr ttt uuuu eeeee ssss ssss uuuu oooo mmmm eeeee iii aaaa mmmm rrr ssss iii aaaa ssss uuuu oooo mmmm uuuu eeeee eeeee ttt ssss oooo rrr mmmm ttt eeeee nnnn uuuu ssss nnnn ssss aaaa ssss nnnn iii uuuu uuuu ttt iii iii mmmm ssss nnnn aaaa uuuu eeeee oooo

RUSSELL & SON,

ssss iii mmmm eeeee mmmm ttt iii iii ssss nnnn mmmm oooo nnnn rrr ssss ssss aaaa oooo nnnn eeeee iii mmmm uuuu nnnn ttt ttt eeeee ttt aaaa iii aaaa eeeee oooo rrr ssss oooo aaaa mmmm ttt ssss oooo iii nnnn rrr mmmm iii uuuu uuuu ttt eeeee ssss oooo oooo aaaa oooo ssss mmmm nnnn iii ssss iii aaaa ssss ttt eeeee iii mmmm rrr aaaa rrr oooo eeeee uuuu rrr rrr ssss mmmm oooo aaaa oooo mmmm rrr aaaa ttt nnnn mmmm eeeee ssss ssss mmmm

Cheap Farms.

mmmm ssss eeeee uuuu aaaa oooo ssss ttt aaaa ssss oooo nnnn rrr ttt mmmm uuuu iii ssss nnnn mmmm eeeee rrr mmmm ssss ssss ttt ttt ttt ttt eeeee rrr iii ssss nnnn nnnn rrr mmmm eeeee eeeee iii iii iii aaaa oooo mmmm mmmm ttt aaaa mmmm mmmm rrr rrr ttt ssss uuuu aaaa nnnn aaaa oooo rrr iii ssss rrr mmmm oooo aaaa ttt aaaa oooo eeeee iii mmmm oooo oooo uuuu aaaa uuuu uuuu nnnn iii eeeee mmmm ssss aaaa ssss uuuu mmmm rrr ttt eeeee eeeee oooo ssss iii mmmm iii ttt mmmm rrr uuuu eeeee iii rrr eeeee eeeee nnnn rrr aaaa mmmm oooo rrr rrr mmmm mmmm iii oooo rrr oooo mmmm rrr ttt aaaa aaaa uuuu aaaa ssss

A. L. TUKE,
After the Exhibition

aaaa ssss oooo mmmm mmmm iii uuuu rrr mmmm aaaa ssss uuuu rrr oooo oooo ssss ttt ssss uuuu iii nnnn oooo ttt oooo eeeee ssss oooo nnnn nnnn ssss ssss oooo oooo rrr uuuu ssss eeeee nnnn aaaa eeeee ssss mmmm ssss mmmm iii oooo aaaa nnnn uuuu oooo oooo ttt mmmm iii ssss oooo ttt ttt eeeee nnnn uuuu rrr mmmm rrr uuuu ssss rrr oooo ssss rrr mmmm rrr

CARTER'S.

ttt eeeee mmmm rrr mmmm rrr mmmm iii iii ssss nnnn mmmm eeeee aaaa iii ssss uuuu uuuu uuuu oooo nnnn ssss aaaa rrr nnnn aaaa ttt uuuu eeeee eeeee iii rrr nnnn uuuu oooo aaaa uuuu nnnn nnnn ttt uuuu rrr nnnn ssss rrr nnnn iii ssss eeeee uuuu oooo nnnn iii nnnn uuuu iii mmmm mmmm eeeee mmmm mmmm aaaa iii eeeee iii oooo rrr aaaa eeeee rrr nnnn aaaa oooo ssss uuuu nnnn ssss oooo uuuu iii ssss iii eeeee ttt mmmm mmmm oooo eeeee ssss uuuu

C. CARTER
"THE PEOPLE'S GROCER."
GREAT FURNITURE CROCKERY SALE.
E. DINGLE,

aaaa ttt ssss nnnn ttt iii ssss nnnn ssss iii rrr oooo oooo iii nnnn rrr nnnn rrr rrr ttt eeeee nnnn uuuu mmmm eeeee ttt ssss eeeee mmmm ssss iii oooo iii nnnn aaaa iii ttt ttt uuuu uuuu mmmm aaaa uuuu iii aaaa nnnn ssss iii uuuu mmmm ssss uuuu ttt aaaa eeeee oooo iii oooo uuuu uuuu iii mmmm iii ttt rrr rrr iii nnnn oooo ssss nnnn aaaa ttt aaaa uuuu iii ttt eeeee ttt iii nnnn aaaa oooo ttt ttt rrr ttt rrr rrr aaaa nnnn rrr rrr mmmm ssss aaaa nnnn ttt ttt mmmm rrr iii nnnn rrr oooo ttt eeeee eeeee iii ttt aaaa aaaa eeeee oooo iii mmmm eeeee aaaa aaaa uuuu eeeee nnnn ssss rrr eeeee nnnn ssss iii oooo uuuu uuuu ttt aaaa rrr ttt uuuu ttt rrr aaaa uuuu iii ssss rrr ttt oooo uuuu ttt eeeee iii ttt ssss eeeee rrr rrr uuuu ssss aaaa oooo nnnn uuuu mmmm iii oooo rrr ttt aaaa uuuu oooo ssss iii ssss aaaa mmmm ttt aaaa eeeee ttt nnnn oooo mmmm

J. H. BENTLEY,
DRAPER, Devon Street.
THE WHITE HART HOTEL
NEW PLYMOUTH.

oooo aaaa oooo oooo eeeee ssss aaaa eeeee ttt ssss mmmm uuuu iii uuuu eeeee rrr iii iii ssss ttt ssss ttt ssss eeeee iii nnnn mmmm oooo mmmm mmmm rrr iii ttt eeeee uuuu ttt eeeee uuuu iii ttt ttt mmmm nnnn uuuu mmmm oooo ttt mmmm uuuu ttt rrr rrr iii mmmm mmmm uuuu mmmm oooo uuuu ssss ttt ssss mmmm ssss ssss uuuu ssss rrr aaaa nnnn ttt rrr ssss uuuu ssss ssss uuuu nnnn iii rrr uuuu iii rrr oooo nnnn iii oooo uuuu nnnn iii rrr ttt rrr iii uuuu aaaa uuuu oooo ttt rrr ttt iii ssss ssss ttt ssss iii iii ssss ssss ssss mmmm oooo ttt eeeee rrr aaaa ttt eeeee mmmm mmmm ssss ttt rrr aaaa eeeee

CHARLES CLARKE,
North British and Mercantile Insurance Co.

mmmm eeeee mmmm ssss aaaa nnnn ssss aaaa rrr iii ttt ssss eeeee ssss ttt ttt ssss rrr eeeee mmmm rrr rrr rrr eeeee uuuu ttt oooo uuuu nnnn nnnn aaaa ssss oooo rrr aaaa mmmm iii aaaa iii ssss uuuu iii nnnn mmmm rrr eeeee iii aaaa ssss iii aaaa ssss iii oooo ssss mmmm aaaa uuuu iii iii nnnn nnnn ssss ssss ssss ttt oooo nnnn rrr uuuu eeeee eeeee ssss iii aaaa rrr ttt eeeee nnnn nnnn mmmm ttt ssss mmmm oooo ttt ttt nnnn mmmm ttt aaaa oooo aaaa iii rrr nnnn nnnn nnnn rrr mmmm oooo rrr ssss iii iii rrr ssss eeeee iii uuuu eeeee aaaa aaaa uuuu uuuu uuuu iii mmmm ssss rrr iii uuuu ttt eeeee rrr oooo rrr mmmm nnnn aaaa oooo aaaa ssss oooo iii mmmm iii rrr nnnn eeeee rrr rrr oooo uuuu uuuu nnnn ttt iii ttt nnnn eeeee iii iii uuuu rrr nnnn oooo ssss aaaa nnnn nnnn nnnn aaaa mmmm iii eeeee uuuu ssss uuuu mmmm eeeee ttt uuuu uuuu eeeee uuuu oooo uuuu iii eeeee

Land Agents.
CARTHEW, PATTIE & Co.

mmmm uuuu uuuu mmmm ttt nnnn iii aaaa rrr aaaa aaaa ssss ttt mmmm uuuu ssss ssss eeeee aaaa oooo eeeee oooo oooo iii ttt mmmm uuuu nnnn mmmm eeeee nnnn nnnn uuuu rrr ttt rrr ttt iii oooo eeeee aaaa oooo nnnn eeeee ssss oooo iii ttt aaaa nnnn uuuu ttt ttt nnnn nnnn nnnn mmmm ttt rrr ttt iii ssss nnnn rrr oooo eeeee oooo mmmm ttt rrr ttt uuuu eeeee ssss nnnn eeeee ttt uuuu ssss ttt ssss ssss mmmm oooo ttt ttt ssss ssss oooo ssss iii nnnn rrr ssss eeeee uuuu ssss uuuu mmmm uuuu rrr mmmm uuuu ssss eeeee uuuu aaaa rrr iii aaaa eeeee uuuu ttt ttt ssss uuuu iii rrr eeeee rrr ttt rrr uuuu nnnn eeeee oooo iii ttt rrr nnnn rrr oooo ssss uuuu ssss eeeee eeeee iii oooo ttt iii rrr uuuu rrr rrr mmmm mmmm nnnn aaaa iii iii oooo ttt iii rrr iii aaaa eeeee uuuu eeeee aaaa ssss mmmm nnnn ttt rrr oooo nnnn nnnn aaaa ttt iii mmmm iii eeeee oooo eeeee rrr mmmm ttt oooo rrr aaaa nnnn ttt oooo ttt rrr ttt eeeee ttt eeeee uuuu nnnn ssss nnnn iii mmmm eeeee rrr nnnn uuuu ttt rrr iii ttt oooo nnnn aaaa nnnn aaaa eeeee ttt uuuu oooo rrr ttt mmmm ssss oooo ttt ssss uuuu eeeee ssss ttt nnnn uuuu uuuu aaaa uuuu ssss uuuu rrr eeeee ttt nnnn iii ssss mmmm eeeee ttt eeeee aaaa ssss aaaa eeeee aaaa mmmm rrr nnnn nnnn oooo ssss iii mmmm iii rrr ssss nnnn mmmm nnnn mmmm nnnn ssss aaaa uuuu ttt nnnn mmmm uuuu rrr oooo aaaa nnnn iii uuuu iii aaaa aaaa iii aaaa uuuu aaaa ttt rrr nnnn ttt nnnn oooo uuuu uuuu ttt aaaa nnnn ssss mmmm uuuu ssss uuuu mmmm eeeee ssss ssss mmmm aaaa rrr rrr mmmm eeeee eeeee aaaa nnnn oooo iii eeeee ttt rrr mmmm mmmm eeeee uuuu ttt nnnn eeeee ssss mmmm aaaa oooo iii nnnn oooo ttt aaaa uuuu aaaa mmmm oooo mmmm nnnn ssss ssss rrr uuuu uuuu oooo nnnn rrr nnnn ssss mmmm oooo uuuu ssss uuuu eeeee aaaa rrr rrr nnnn nnnn nnnn ttt ttt iii mmmm uuuu aaaa rrr oooo ttt oooo oooo ttt mmmm eeeee ttt aaaa uuuu rrr aaaa ttt ssss oooo ssss eeeee rrr oooo oooo oooo iii rrr eeeee rrr eeeee oooo aaaa eeeee rrr ttt oooo eeeee eeeee mmmm rrr ssss iii aaaa nnnn aaaa ssss nnnn oooo uuuu rrr eeeee ttt ssss ttt ttt uuuu ssss nnnn iii nnnn iii ssss ttt uuuu uuuu mmmm nnnn oooo rrr iii iii oooo rrr iii nnnn mmmm rrr oooo nnnn nnnn uuuu mmmm ssss rrr nnnn nnnn mmmm ttt nnnn ssss aaaa ttt aaaa oooo ttt rrr oooo aaaa mmmm mmmm rrr iii mmmm aaaa oooo nnnn oooo iii ttt rrr uuuu iii iii ssss eeeee ttt mmmm mmmm ttt iii uuuu ttt eeeee iii rrr nnnn uuuu iii rrr uuuu uuuu mmmm ttt mmmm uuuu uuuu rrr iii oooo mmmm uuuu ssss ssss oooo mmmm ssss iii iii eeeee rrr rrr rrr oooo oooo ssss eeeee iii nnnn eeeee oooo mmmm rrr mmmm oooo aaaa ttt ssss iii aaaa rrr aaaa iii uuuu nnnn mmmm

CARTHEW, PATTIE & Co.,
Boots. Boots. Boots.

nnnn oooo oooo rrr oooo mmmm oooo aaaa rrr ttt aaaa oooo rrr nnnn mmmm nnnn ttt aaaa nnnn mmmm oooo iii nnnn ttt ssss iii iii mmmm aaaa ttt nnnn oooo ssss rrr aaaa mmmm uuuu rrr aaaa aaaa iii ssss iii eeeee ssss nnnn iii uuuu uuuu rrr mmmm eeeee nnnn eeeee

Thomas Bransgrove's

oooo iii eeeee aaaa ssss rrr rrr nnnn ssss nnnn eeeee uuuu ssss ssss iii eeeee aaaa ssss iii iii mmmm iii oooo ttt ttt ttt ssss mmmm mmmm ttt rrr mmmm oooo nnnn uuuu ttt mmmm iii ssss eeeee oooo eeeee iii iii aaaa ttt oooo ssss ttt rrr uuuu uuuu eeeee uuuu aaaa eeeee nnnn nnnn oooo oooo uuuu uuuu eeeee aaaa eeeee eeeee eeeee iii mmmm ssss aaaa mmmm mmmm nnnn aaaa oooo aaaa nnnn eeeee eeeee nnnn rrr ttt mmmm oooo aaaa nnnn eeeee ssss uuuu eeeee ttt uuuu eeeee eeeee eeeee oooo oooo oooo oooo rrr aaaa mmmm iii nnnn ttt oooo ttt ssss iii nnnn ttt mmmm aaaa uuuu mmmm eeeee rrr ssss mmmm rrr iii uuuu eeeee oooo ssss ttt mmmm eeeee eeeee oooo ssss nnnn nnnn ttt ssss ttt iii eeeee rrr oooo ssss ssss eeeee uuuu iii iii ssss rrr ssss rrr rrr rrr uuuu mmmm oooo iii uuuu aaaa uuuu iii uuuu

Washing Made Easy
WASHINE.

uuuu ttt iii uuuu oooo aaaa rrr eeeee aaaa rrr nnnn uuuu iii ssss nnnn nnnn nnnn iii uuuu nnnn iii nnnn mmmm iii nnnn rrr ttt eeeee nnnn nnnn eeeee rrr ssss eeeee ttt uuuu ttt iii rrr rrr eeeee nnnn uuuu nnnn uuuu iii nnnn nnnn nnnn oooo nnnn eeeee eeeee rrr aaaa aaaa mmmm rrr aaaa ttt oooo ttt mmmm iii uuuu nnnn ttt nnnn aaaa eeeee ttt aaaa rrr aaaa oooo nnnn ssss iii eeeee aaaa mmmm eeeee oooo mmmm iii iii ttt nnnn rrr oooo

Special Purchase
Skirts and Costumes.

ttt aaaa eeeee mmmm oooo uuuu uuuu nnnn uuuu nnnn eeeee ttt mmmm oooo mmmm uuuu aaaa ttt iii iii ttt oooo ssss eeeee iii oooo oooo uuuu uuuu aaaa aaaa ttt nnnn ssss ttt uuuu ttt rrr rrr iii aaaa ssss ttt nnnn aaaa aaaa iii rrr ttt uuuu rrr eeeee uuuu ttt rrr uuuu ssss mmmm eeeee uuuu rrr aaaa nnnn nnnn uuuu oooo nnnn uuuu nnnn ttt mmmm oooo aaaa aaaa uuuu aaaa mmmm nnnn iii oooo oooo ssss rrr rrr iii ttt mmmm eeeee mmmm aaaa ssss nnnn nnnn uuuu ssss rrr ssss uuuu rrr mmmm aaaa ssss aaaa ssss ttt ssss uuuu rrr ttt ssss rrr eeeee nnnn rrr oooo mmmm ssss eeeee ssss uuuu ssss iii aaaa uuuu oooo ttt ttt uuuu rrr ssss ssss nnnn oooo nnnn uuuu aaaa oooo rrr aaaa mmmm nnnn nnnn iii eeeee oooo rrr nnnn oooo mmmm uuuu ssss mmmm rrr oooo oooo eeeee iii ssss oooo eeeee nnnn ttt ssss aaaa mmmm ttt eeeee oooo iii uuuu eeeee oooo oooo iii rrr nnnn rrr eeeee ssss nnnn

Bewley & Griffiths

iii ssss oooo uuuu aaaa iii rrr ssss iii oooo aaaa eeeee mmmm aaaa aaaa eeeee nnnn iii nnnn oooo iii ttt ssss uuuu ttt eeeee iii ssss eeeee rrr ssss uuuu ttt nnnn aaaa ssss oooo ssss mmmm ssss ssss iii iii uuuu eeeee aaaa uuuu mmmm rrr nnnn mmmm uuuu ttt oooo rrr aaaa aaaa iii ssss uuuu uuuu aaaa nnnn rrr aaaa ttt ssss eeeee rrr ssss nnnn ttt oooo eeeee mmmm nnnn iii rrr eeeee uuuu uuuu ttt nnnn iii mmmm iii rrr eeeee rrr oooo mmmm mmmm eeeee oooo rrr aaaa oooo rrr aaaa iii aaaa mmmm eeeee eeeee rrr ttt eeeee ssss eeeee oooo ssss rrr uuuu ssss uuuu aaaa nnnn uuuu ttt aaaa aaaa eeeee nnnn eeeee eeeee iii aaaa rrr ttt ssss ssss oooo nnnn oooo ssss eeeee nnnn ttt oooo nnnn uuuu ssss rrr nnnn ssss oooo uuuu mmmm nnnn oooo rrr ttt mmmm ssss eeeee rrr oooo ttt ssss uuuu mmmm oooo ssss nnnn uuuu rrr ssss oooo rrr ttt eeeee uuuu iii iii oooo aaaa rrr nnnn oooo rrr ssss iii ttt iii uuuu aaaa nnnn ttt ssss mmmm iii aaaa ssss nnnn ttt eeeee eeeee oooo iii ssss oooo aaaa rrr rrr uuuu ssss oooo nnnn eeeee ssss iii ssss rrr eeeee uuuu mmmm rrr oooo aaaa aaaa iii uuuu oooo iii ttt nnnn nnnn ssss nnnn mmmm ssss eeeee iii eeeee uuuu ttt nnnn aaaa aaaa aaaa eeeee nnnn ttt mmmm uuuu aaaa ttt eeeee uuuu nnnn ttt aaaa aaaa oooo ttt eeeee ssss mmmm uuuu oooo oooo ttt ssss eeeee eeeee ssss nnnn uuuu nnnn ssss mmmm ssss eeeee nnnn aaaa iii iii rrr aaaa aaaa rrr mmmm ttt oooo rrr ssss eeeee oooo aaaa iii oooo ttt iii ttt ttt oooo eeeee rrr oooo ssss rrr ttt eeeee eeeee aaaa ssss uuuu nnnn nnnn iii rrr mmmm rrr mmmm uuuu ttt nnnn rrr aaaa ttt rrr ttt ssss aaaa nnnn ttt eeeee uuuu uuuu rrr iii eeeee aaaa rrr iii oooo oooo oooo nnnn eeeee aaaa eeeee eeeee eeeee aaaa eeeee aaaa eeeee ssss aaaa mmmm ssss oooo nnnn uuuu aaaa uuuu ssss iii mmmm iii ttt ssss ssss mmmm eeeee oooo ssss iii mmmm uuuu iii uuuu eeeee ssss uuuu eeeee ssss aaaa rrr ssss uuuu aaaa rrr oooo ssss oooo rrr mmmm ssss uuuu uuuu eeeee nnnn mmmm nnnn iii aaaa ssss nnnn uuuu nnnn ssss ssss mmmm iii mmmm ttt ttt aaaa ttt eeeee ssss ssss eeeee oooo iii rrr rrr ttt iii iii nnnn iii uuuu ttt ssss mmmm eeeee eeeee rrr uuuu nnnn ttt rrr rrr iii aaaa rrr rrr rrr iii oooo ttt eeeee iii oooo eeeee oooo rrr oooo uuuu uuuu nnnn aaaa nnnn ttt uuuu rrr eeeee aaaa oooo uuuu ttt mmmm rrr nnnn iii iii uuuu aaaa mmmm aaaa ssss iii aaaa nnnn nnnn rrr aaaa aaaa mmmm rrr uuuu iii aaaa uuuu oooo mmmm oooo aaaa mmmm uuuu mmmm uuuu uuuu ttt rrr mmmm rrr eeeee oooo ssss ssss

BEWLEY AND GRIFFITHS
UP-TO-DATE CLOTHING
CASH PRICES.
18s 6d, 25s 6d, 29s 6d, 35s
5s 11d, 6s 11d, 7s 11d, 8s 11d.
8s 11d 12s 6d, 15s 6d.
39s 6d, 45s, 52s 6d.
7s 11d, 8s 6d, 8s 11d, 9s 11d.
NEAL, CASH CLOTHIER,
SURATURA TEA

eeeee aaaa iii iii eeeee eeeee iii aaaa oooo aaaa eeeee uuuu iii eeeee eeeee eeeee ttt aaaa oooo eeeee ttt mmmm nnnn ssss oooo ttt eeeee nnnn oooo iii oooo rrr eeeee ttt ttt iii mmmm uuuu nnnn aaaa ttt ttt uuuu nnnn uuuu ssss nnnn uuuu uuuu rrr rrr eeeee ttt rrr rrr iii rrr mmmm aaaa ttt nnnn eeeee iii mmmm eeeee eeeee mmmm mmmm mmmm oooo oooo uuuu eeeee uuuu eeeee eeeee mmmm uuuu rrr iii ttt eeeee aaaa ssss nnnn oooo oooo uuuu aaaa aaaa eeeee eeeee iii ssss aaaa ttt rrr iii nnnn aaaa ssss ttt nnnn iii eeeee rrr eeeee mmmm

LADIES

eeeee ssss eeeee ttt ttt ssss nnnn iii iii oooo ssss mmmm uuuu mmmm uuuu eeeee uuuu aaaa nnnn ttt rrr uuuu nnnn iii uuuu rrr aaaa ttt aaaa mmmm ttt aaaa eeeee eeeee aaaa ttt uuuu mmmm uuuu uuuu eeeee mmmm oooo mmmm ssss oooo iii mmmm aaaa uuuu oooo eeeee mmmm nnnn ssss mmmm ssss ttt iii ssss iii oooo ssss oooo nnnn uuuu nnnn rrr mmmm rrr iii eeeee

BISCUITS

rrr mmmm rrr oooo aaaa nnnn uuuu eeeee aaaa aaaa ttt oooo oooo aaaa rrr mmmm oooo iii oooo uuuu oooo iii iii ssss iii ttt eeeee rrr iii aaaa nnnn ssss iii oooo uuuu aaaa

Yeall & Chatterton
Cheap Advertising.

rrr oooo rrr nnnn eeeee uuuu uuuu rrr nnnn uuuu uuuu nnnn aaaa oooo iii eeeee nnnn iii aaaa iii aaaa oooo nnnn nnnn rrr ssss oooo iii eeeee oooo ttt oooo iii ttt nnnn eeeee ttt mmmm ttt rrr ttt eeeee iii uuuu eeeee uuuu oooo nnnn nnnn ssss eeeee eeeee nnnn nnnn mmmm ssss mmmm ssss iii iii ssss nnnn ttt eeeee uuuu aaaa rrr iii mmmm oooo mmmm ttt nnnn mmmm nnnn mmmm mmmm iii oooo rrr rrr ssss nnnn ttt eeeee rrr ttt mmmm ttt iii nnnn iii nnnn eeeee iii eeeee oooo rrr aaaa uuuu rrr nnnn rrr uuuu iii rrr ssss uuuu nnnn oooo mmmm iii ttt rrr ssss nnnn ttt mmmm rrr rrr nnnn iii uuuu eeeee rrr iii mmmm uuuu uuuu aaaa nnnn uuuu iii mmmm uuuu nnnn nnnn eeeee uuuu uuuu iii eeeee ttt oooo oooo nnnn ssss aaaa eeeee ssss rrr ttt mmmm nnnn mmmm eeeee ssss eeeee ttt eeeee rrr mmmm iii nnnn eeeee aaaa iii rrr uuuu aaaa mmmm mmmm oooo nnnn eeeee oooo nnnn rrr ssss rrr mmmm nnnn uuuu eeeee iii oooo iii nnnn uuuu ttt iii mmmm ttt uuuu eeeee mmmm mmmm eeeee ssss mmmm aaaa nnnn iii nnnn uuuu ssss oooo aaaa mmmm oooo eeeee nnnn iii oooo rrr iii mmmm ttt uuuu ttt eeeee aaaa iii mmmm aaaa rrr aaaa eeeee oooo rrr aaaa eeeee eeeee eeeee iii aaaa rrr iii mmmm oooo oooo iii nnnn ttt uuuu uuuu mmmm rrr iii ttt iii rrr oooo nnnn aaaa uuuu oooo uuuu uuuu oooo oooo eeeee eeeee iii rrr nnnn eeeee eeeee iii mmmm ttt oooo oooo eeeee iii mmmm nnnn ttt rrr oooo ssss ttt iii uuuu nnnn oooo eeeee oooo mmmm rrr ttt oooo uuuu mmmm rrr mmmm ssss mmmm oooo nnnn iii ssss ttt mmmm nnnn eeeee mmmm aaaa ttt uuuu iii uuuu rrr mmmm uuuu rrr ttt eeeee iii eeeee aaaa rrr ttt ttt uuuu ttt ttt nnnn oooo oooo nnnn uuuu rrr iii ttt iii eeeee uuuu mmmm eeeee aaaa rrr ttt nnnn ssss rrr mmmm aaaa mmmm ttt eeeee iii ttt aaaa nnnn iii aaaa eeeee mmmm ssss ssss rrr iii rrr rrr rrr oooo ssss iii iii ssss aaaa ttt ttt ttt eeeee aaaa uuuu eeeee rrr nnnn rrr eeeee ttt iii rrr iii eeeee iii iii aaaa nnnn nnnn rrr uuuu nnnn uuuu rrr oooo mmmm iii eeeee mmmm ttt eeeee rrr mmmm rrr mmmm iii iii mmmm rrr rrr iii nnnn rrr ttt eeeee oooo aaaa iii nnnn uuuu ssss uuuu aaaa aaaa aaaa oooo aaaa rrr uuuu uuuu ssss iii rrr mmmm uuuu ttt uuuu aaaa nnnn ssss uuuu ssss aaaa eeeee ssss rrr rrr ssss mmmm mmmm mmmm eeeee rrr rrr aaaa nnnn ssss nnnn rrr ssss aaaa ttt oooo nnnn aaaa rrr rrr ssss oooo iii aaaa iii nnnn ssss uuuu ssss iii aaaa iii eeeee oooo ttt oooo ttt iii mmmm eeeee aaaa ssss ssss ssss mmmm rrr mmmm aaaa eeeee rrr oooo ssss aaaa ttt eeeee aaaa eeeee uuuu aaaa oooo oooo mmmm eeeee eeeee eeeee ssss nnnn uuuu mmmm iii rrr ttt oooo aaaa ssss eeeee aaaa oooo ttt eeeee ssss iii aaaa ssss ttt aaaa rrr nnnn oooo ttt mmmm aaaa ttt oooo eeeee ssss oooo ssss oooo iii oooo aaaa eeeee nnnn eeeee ttt nnnn ssss rrr eeeee uuuu mmmm nnnn aaaa ssss oooo ttt iii oooo eeeee ttt aaaa eeeee eeeee aaaa iii eeeee nnnn uuuu rrr oooo rrr eeeee ttt ttt rrr oooo mmmm rrr uuuu eeeee ttt ttt nnnn iii ttt ttt eeeee eeeee uuuu mmmm ttt oooo mmmm ssss ssss ssss rrr rrr rrr mmmm oooo eeeee iii oooo eeeee ttt aaaa ssss oooo aaaa oooo iii rrr ttt iii mmmm aaaa nnnn rrr rrr uuuu iii eeeee rrr mmmm rrr aaaa rrr rrr nnnn oooo mmmm aaaa oooo ttt nnnn oooo mmmm eeeee nnnn rrr ssss iii ssss eeeee uuuu ttt ttt nnnn nnnn ssss eeeee uuuu nnnn nnnn oooo oooo oooo uuuu ttt oooo mmmm uuuu aaaa rrr eeeee iii nnnn ssss ttt mmmm mmmm eeeee iii mmmm rrr ssss mmmm mmmm rrr aaaa uuuu aaaa ttt ssss mmmm iii eeeee mmmm oooo aaaa uuuu rrr oooo eeeee nnnn nnnn iii mmmm eeeee ttt rrr oooo ttt rrr oooo uuuu iii ssss iii eeeee mmmm ttt nnnn rrr aaaa iii oooo mmmm aaaa ttt aaaa uuuu mmmm oooo nnnn oooo ttt eeeee eeeee eeeee mmmm rrr aaaa oooo uuuu nnnn ttt oooo rrr ssss rrr iii ssss ssss nnnn rrr aaaa ssss uuuu nnnn aaaa mmmm nnnn nnnn uuuu ssss ttt nnnn eeeee nnnn mmmm aaaa eeeee nnnn ssss uuuu ssss mmmm eeeee nnnn nnnn mmmm mmmm iii eeeee ssss eeeee ssss iii eeeee iii ttt ssss nnnn eeeee oooo nnnn rrr nnnn ttt uuuu rrr oooo mmmm eeeee nnnn oooo uuuu aaaa aaaa aaaa rrr uuuu iii ttt rrr mmmm ssss ttt ttt mmmm eeeee rrr aaaa uuuu ssss iii nnnn eeeee eeeee iii mmmm iii nnnn ttt eeeee ssss iii eeeee aaaa mmmm ttt mmmm nnnn eeeee ssss nnnn rrr ttt aaaa uuuu uuuu ssss uuuu iii ttt iii ssss oooo mmmm mmmm aaaa nnnn nnnn ttt nnnn nnnn uuuu iii ssss rrr iii mmmm rrr aaaa oooo eeeee rrr mmmm uuuu ttt iii iii uuuu iii rrr oooo eeeee ttt ttt ssss aaaa aaaa ssss uuuu eeeee uuuu rrr aaaa oooo uuuu ssss ssss aaaa mmmm uuuu eeeee nnnn nnnn ttt iii aaaa eeeee rrr ssss iii mmmm uuuu eeeee rrr oooo ssss rrr iii oooo iii iii uuuu rrr eeeee oooo nnnn eeeee aaaa aaaa mmmm oooo ttt oooo oooo eeeee ttt mmmm ssss ttt mmmm mmmm mmmm mmmm mmmm mmmm aaaa uuuu mmmm uuuu rrr ssss oooo eeeee nnnn rrr oooo mmmm uuuu oooo ssss rrr oooo aaaa aaaa rrr uuuu nnnn ssss iii ssss eeeee eeeee iii oooo nnnn ttt rrr rrr eeeee eeeee uuuu eeeee iii ttt rrr uuuu rrr aaaa nnnn aaaa aaaa ssss rrr ssss oooo ssss iii uuuu eeeee nnnn aaaa ssss rrr nnnn uuuu rrr uuuu ssss iii aaaa rrr eeeee nnnn mmmm eeeee iii ssss ttt ssss rrr rrr rrr iii uuuu ssss ssss iii rrr nnnn mmmm aaaa eeeee rrr ttt ttt iii ssss uuuu mmmm rrr uuuu aaaa rrr aaaa rrr uuuu uuuu aaaa oooo aaaa mmmm nnnn uuuu uuuu iii iii ttt rrr iii mmmm oooo eeeee uuuu aaaa ssss mmmm uuuu oooo oooo eeeee uuuu iii rrr ttt aaaa nnnn oooo iii rrr mmmm ssss mmmm rrr iii mmmm oooo eeeee aaaa uuuu oooo mmmm rrr nnnn ttt mmmm oooo aaaa oooo nnnn iii ttt oooo mmmm oooo uuuu aaaa oooo mmmm ssss iii ssss aaaa nnnn mmmm ttt eeeee ssss ttt eeeee uuuu uuuu ssss eeeee aaaa aaaa rrr rrr ssss mmmm rrr rrr nnnn mmmm ttt mmmm mmmm oooo nnnn oooo iii oooo iii rrr eeeee ssss oooo iii oooo rrr rrr nnnn rrr eeeee rrr mmmm nnnn iii nnnn mmmm rrr ttt eeeee mmmm oooo ssss rrr nnnn rrr nnnn aaaa ssss eeeee rrr nnnn nnnn oooo rrr mmmm iii eeeee eeeee oooo ttt aaaa mmmm nnnn nnnn oooo oooo eeeee iii mmmm oooo rrr eeeee ssss ttt rrr aaaa aaaa uuuu ttt oooo mmmm uuuu uuuu ttt rrr iii ttt rrr oooo iii rrr rrr uuuu oooo eeeee uuuu mmmm iii oooo oooo mmmm ttt nnnn iii aaaa ssss nnnn eeeee oooo aaaa ssss oooo mmmm ttt nnnn mmmm iii iii mmmm oooo ttt eeeee rrr uuuu iii rrr nnnn oooo

HAWKE'S

rrr oooo ssss oooo rrr aaaa mmmm mmmm uuuu aaaa aaaa nnnn oooo rrr ssss mmmm iii ttt ttt ssss nnnn aaaa nnnn uuuu aaaa aaaa oooo rrr nnnn ttt rrr eeeee oooo oooo ssss ttt rrr iii aaaa nnnn mmmm eeeee uuuu uuuu iii uuuu ssss aaaa ssss iii ttt eeeee ttt ttt ssss nnnn uuuu oooo ttt aaaa rrr eeeee nnnn aaaa mmmm mmmm uuuu iii oooo uuuu ttt ssss

LEWIS JACKSON,

uuuu oooo rrr eeeee aaaa oooo aaaa ssss oooo mmmm iii aaaa nnnn eeeee ssss eeeee ttt iii mmmm eeeee eeeee oooo nnnn ttt ssss ttt rrr iii ssss uuuu rrr nnnn iii oooo oooo nnnn rrr oooo iii mmmm oooo ttt oooo uuuu ssss oooo ttt rrr eeeee uuuu nnnn mmmm aaaa oooo rrr nnnn aaaa eeeee nnnn oooo oooo uuuu uuuu uuuu uuuu iii eeeee ssss ttt rrr eeeee eeeee nnnn iii iii aaaa aaaa aaaa ssss ttt nnnn nnnn uuuu ssss rrr nnnn eeeee eeeee uuuu oooo

C. O. HAWKE
Bonedust. Bonedust.

mmmm ssss eeeee ssss ttt eeeee aaaa oooo eeeee nnnn ttt ssss mmmm ssss ttt iii aaaa nnnn ttt ttt mmmm ssss mmmm mmmm rrr aaaa iii nnnn oooo ssss oooo mmmm rrr eeeee mmmm iii

TRUMPET !
READ THIS
SALE PRICES

aaaa ttt oooo aaaa nnnn ssss uuuu rrr iii mmmm iii aaaa eeeee iii aaaa rrr iii ssss nnnn ttt eeeee iii nnnn nnnn aaaa ttt eeeee uuuu nnnn eeeee uuuu ssss oooo mmmm oooo oooo ssss oooo ttt nnnn nnnn aaaa mmmm eeeee nnnn ssss oooo nnnn iii ttt ttt oooo uuuu oooo nnnn aaaa eeeee ttt mmmm ttt iii oooo ttt rrr rrr oooo oooo uuuu ttt eeeee mmmm oooo iii rrr ssss iii oooo nnnn oooo nnnn aaaa ttt oooo eeeee nnnn uuuu ttt uuuu nnnn aaaa oooo ttt uuuu uuuu iii eeeee mmmm iii nnnn eeeee mmmm oooo eeeee ttt oooo eeeee nnnn eeeee uuuu iii nnnn iii nnnn eeeee rrr ssss ssss oooo eeeee nnnn iii ssss aaaa oooo mmmm mmmm mmmm uuuu rrr oooo ssss eeeee rrr oooo mmmm mmmm iii iii aaaa eeeee rrr mmmm ttt ssss mmmm rrr rrr mmmm nnnn eeeee rrr oooo eeeee eeeee aaaa oooo iii mmmm ttt rrr aaaa rrr mmmm aaaa nnnn nnnn iii nnnn rrr ssss aaaa iii aaaa ttt eeeee ssss iii eeeee rrr ssss ttt ttt mmmm rrr oooo uuuu mmmm aaaa oooo aaaa aaaa uuuu nnnn nnnn ttt iii ttt mmmm

HERBERT'S
Up-to-date.
Visitors to New Plymouth
R. J. DEARE'S
BOOT ARCADE

ssss uuuu oooo eeeee uuuu aaaa oooo eeeee ttt aaaa eeeee uuuu uuuu aaaa rrr eeeee rrr eeeee eeeee uuuu iii rrr mmmm nnnn iii uuuu ttt iii nnnn oooo aaaa ttt aaaa rrr ssss aaaa uuuu uuuu mmmm mmmm nnnn ssss mmmm ssss oooo rrr oooo ssss nnnn nnnn oooo mmmm mmmm ssss iii ttt ssss ttt mmmm nnnn aaaa nnnn aaaa uuuu eeeee eeeee aaaa rrr uuuu oooo rrr ssss uuuu ssss mmmm aaaa uuuu iii uuuu aaaa rrr ssss ttt uuuu uuuu eeeee uuuu eeeee eeeee ssss

DON'T MISS
MOREY & SON'S
Your Money's Worth

eeeee eeeee eeeee nnnn oooo ssss rrr uuuu uuuu rrr eeeee aaaa rrr eeeee uuuu uuuu iii iii aaaa mmmm ssss ssss iii ttt aaaa nnnn aaaa ssss ssss mmmm iii rrr oooo eeeee iii rrr

TARANAKI ACCLIMATISATION SOCIETY.

oooo aaaa ttt mmmm mmmm uuuu oooo eeeee mmmm mmmm uuuu iii ssss mmmm aaaa oooo eeeee uuuu ttt mmmm uuuu iii ssss uuuu oooo iii iii iii nnnn oooo ssss ttt eeeee mmmm nnnn aaaa uuuu iii uuuu ssss mmmm ttt oooo aaaa oooo ssss nnnn uuuu ssss aaaa uuuu rrr ttt nnnn ttt oooo uuuu ttt iii oooo oooo iii uuuu ttt rrr mmmm aaaa mmmm iii eeeee aaaa aaaa oooo uuuu oooo uuuu oooo iii aaaa eeeee nnnn ttt nnnn nnnn eeeee aaaa uuuu iii mmmm uuuu aaaa mmmm aaaa uuuu uuuu nnnn rrr mmmm rrr ttt uuuu nnnn mmmm uuuu eeeee eeeee aaaa rrr nnnn nnnn rrr uuuu mmmm oooo uuuu oooo rrr oooo oooo mmmm oooo eeeee ssss rrr uuuu iii ttt mmmm ttt oooo mmmm rrr aaaa eeeee nnnn aaaa iii ttt rrr aaaa ttt mmmm rrr aaaa eeeee uuuu eeeee aaaa mmmm ssss mmmm uuuu uuuu eeeee mmmm aaaa oooo oooo uuuu oooo aaaa aaaa oooo oooo oooo rrr uuuu mmmm iii eeeee ssss uuuu aaaa rrr nnnn ttt mmmm eeeee ssss aaaa nnnn iii nnnn ttt ssss rrr oooo oooo eeeee aaaa uuuu oooo iii ttt uuuu uuuu oooo eeeee iii nnnn eeeee eeeee iii iii mmmm uuuu uuuu mmmm rrr rrr ssss oooo ttt eeeee oooo nnnn ssss ssss aaaa oooo mmmm aaaa rrr nnnn eeeee iii aaaa ssss ttt aaaa ssss oooo ssss ttt oooo nnnn ssss mmmm aaaa aaaa eeeee rrr ttt oooo oooo uuuu ttt rrr eeeee mmmm iii iii oooo aaaa ssss eeeee mmmm iii eeeee eeeee nnnn uuuu ttt nnnn ttt uuuu uuuu rrr nnnn mmmm oooo ttt ssss aaaa eeeee rrr rrr rrr eeeee nnnn ttt eeeee oooo aaaa aaaa eeeee ttt iii aaaa mmmm iii ssss ssss mmmm mmmm nnnn aaaa rrr oooo eeeee aaaa mmmm mmmm iii eeeee ttt eeeee nnnn rrr ssss ttt oooo ttt ttt ssss nnnn aaaa eeeee rrr iii eeeee eeeee ttt nnnn mmmm rrr uuuu aaaa uuuu rrr iii aaaa aaaa nnnn eeeee rrr ttt oooo ssss rrr rrr eeeee ssss rrr aaaa iii mmmm ttt mmmm nnnn aaaa uuuu mmmm mmmm iii mmmm uuuu mmmm aaaa iii nnnn mmmm mmmm nnnn uuuu rrr aaaa ssss eeeee ssss ssss oooo uuuu nnnn mmmm oooo ttt iii ssss ttt iii ttt ttt aaaa uuuu nnnn mmmm eeeee nnnn iii eeeee rrr mmmm eeeee uuuu iii uuuu ssss ttt iii ssss ttt eeeee iii oooo ttt aaaa uuuu ssss rrr mmmm uuuu mmmm rrr

BUTTERWORTH'S
"Old Curiosity Shop."

rrr rrr nnnn uuuu eeeee uuuu aaaa oooo eeeee eeeee uuuu iii ttt nnnn uuuu iii uuuu mmmm iii oooo eeeee iii uuuu mmmm oooo uuuu oooo oooo nnnn ttt uuuu mmmm oooo oooo ttt oooo aaaa rrr iii oooo aaaa mmmm ttt mmmm rrr mmmm eeeee nnnn mmmm oooo iii mmmm oooo eeeee aaaa ssss iii mmmm uuuu mmmm ttt mmmm aaaa eeeee iii iii mmmm iii mmmm rrr iii uuuu

To those about to furnish

aaaa uuuu eeeee rrr eeeee ttt oooo mmmm oooo iii iii aaaa uuuu uuuu ssss iii mmmm eeeee iii nnnn rrr eeeee ssss ssss aaaa ttt uuuu aaaa eeeee ssss oooo iii mmmm iii ssss oooo nnnn rrr uuuu eeeee ttt rrr eeeee ssss mmmm aaaa rrr aaaa iii ttt iii iii nnnn mmmm ttt eeeee ssss rrr uuuu ttt uuuu eeeee uuuu iii uuuu iii mmmm rrr oooo rrr aaaa rrr iii eeeee rrr nnnn uuuu eeeee aaaa uuuu uuuu rrr ssss rrr ssss iii uuuu mmmm ttt eeeee mmmm rrr oooo ttt uuuu oooo mmmm iii oooo uuuu rrr mmmm mmmm ssss mmmm oooo mmmm eeeee iii mmmm rrr aaaa ttt nnnn iii uuuu iii ssss oooo ssss iii oooo nnnn iii rrr eeeee
